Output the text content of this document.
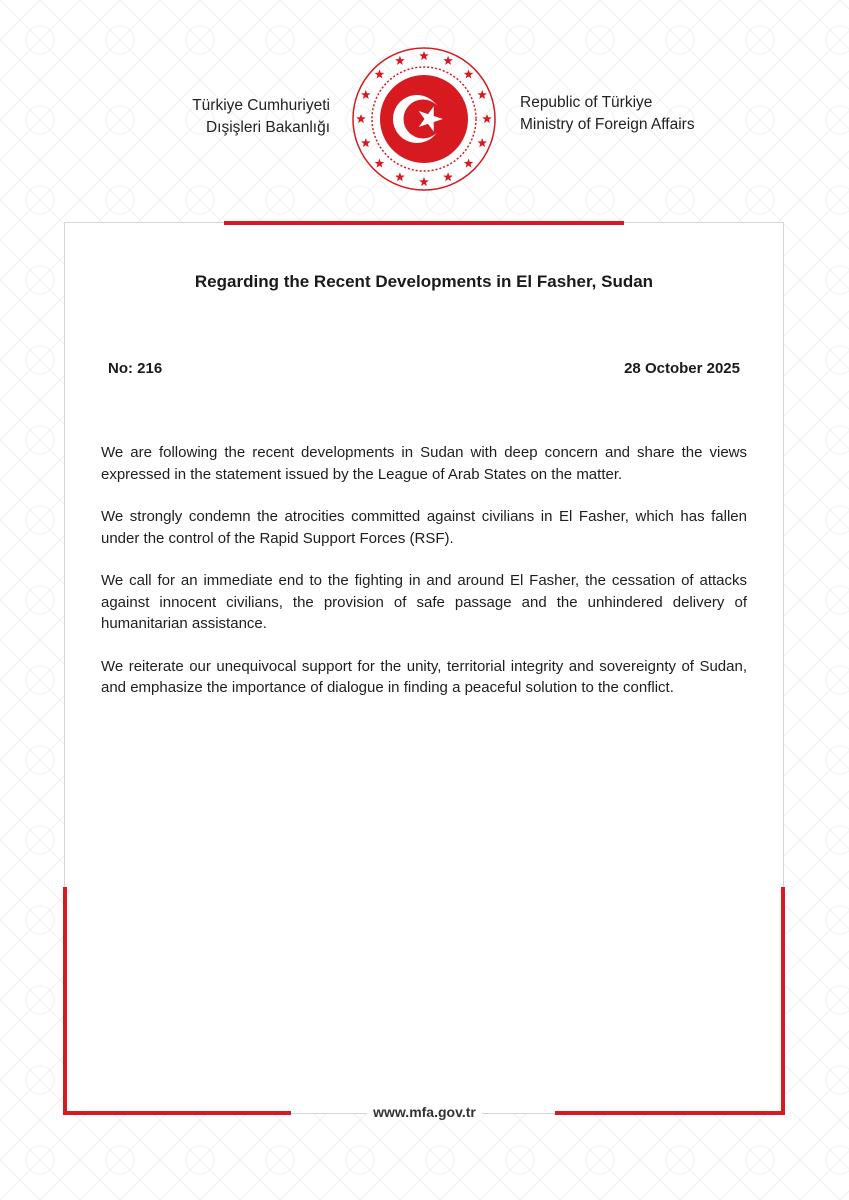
Türkiye Cumhuriyeti
Dışişleri Bakanlığı
Republic of Türkiye
Ministry of Foreign Affairs
Regarding the Recent Developments in El Fasher, Sudan
No: 216	28 October 2025

We are following the recent developments in Sudan with deep concern and share the views expressed in the statement issued by the League of Arab States on the matter.

We strongly condemn the atrocities committed against civilians in El Fasher, which has fallen under the control of the Rapid Support Forces (RSF).

We call for an immediate end to the fighting in and around El Fasher, the cessation of attacks against innocent civilians, the provision of safe passage and the unhindered delivery of humanitarian assistance.

We reiterate our unequivocal support for the unity, territorial integrity and sovereignty of Sudan, and emphasize the importance of dialogue in finding a peaceful solution to the conflict.

www.mfa.gov.tr
